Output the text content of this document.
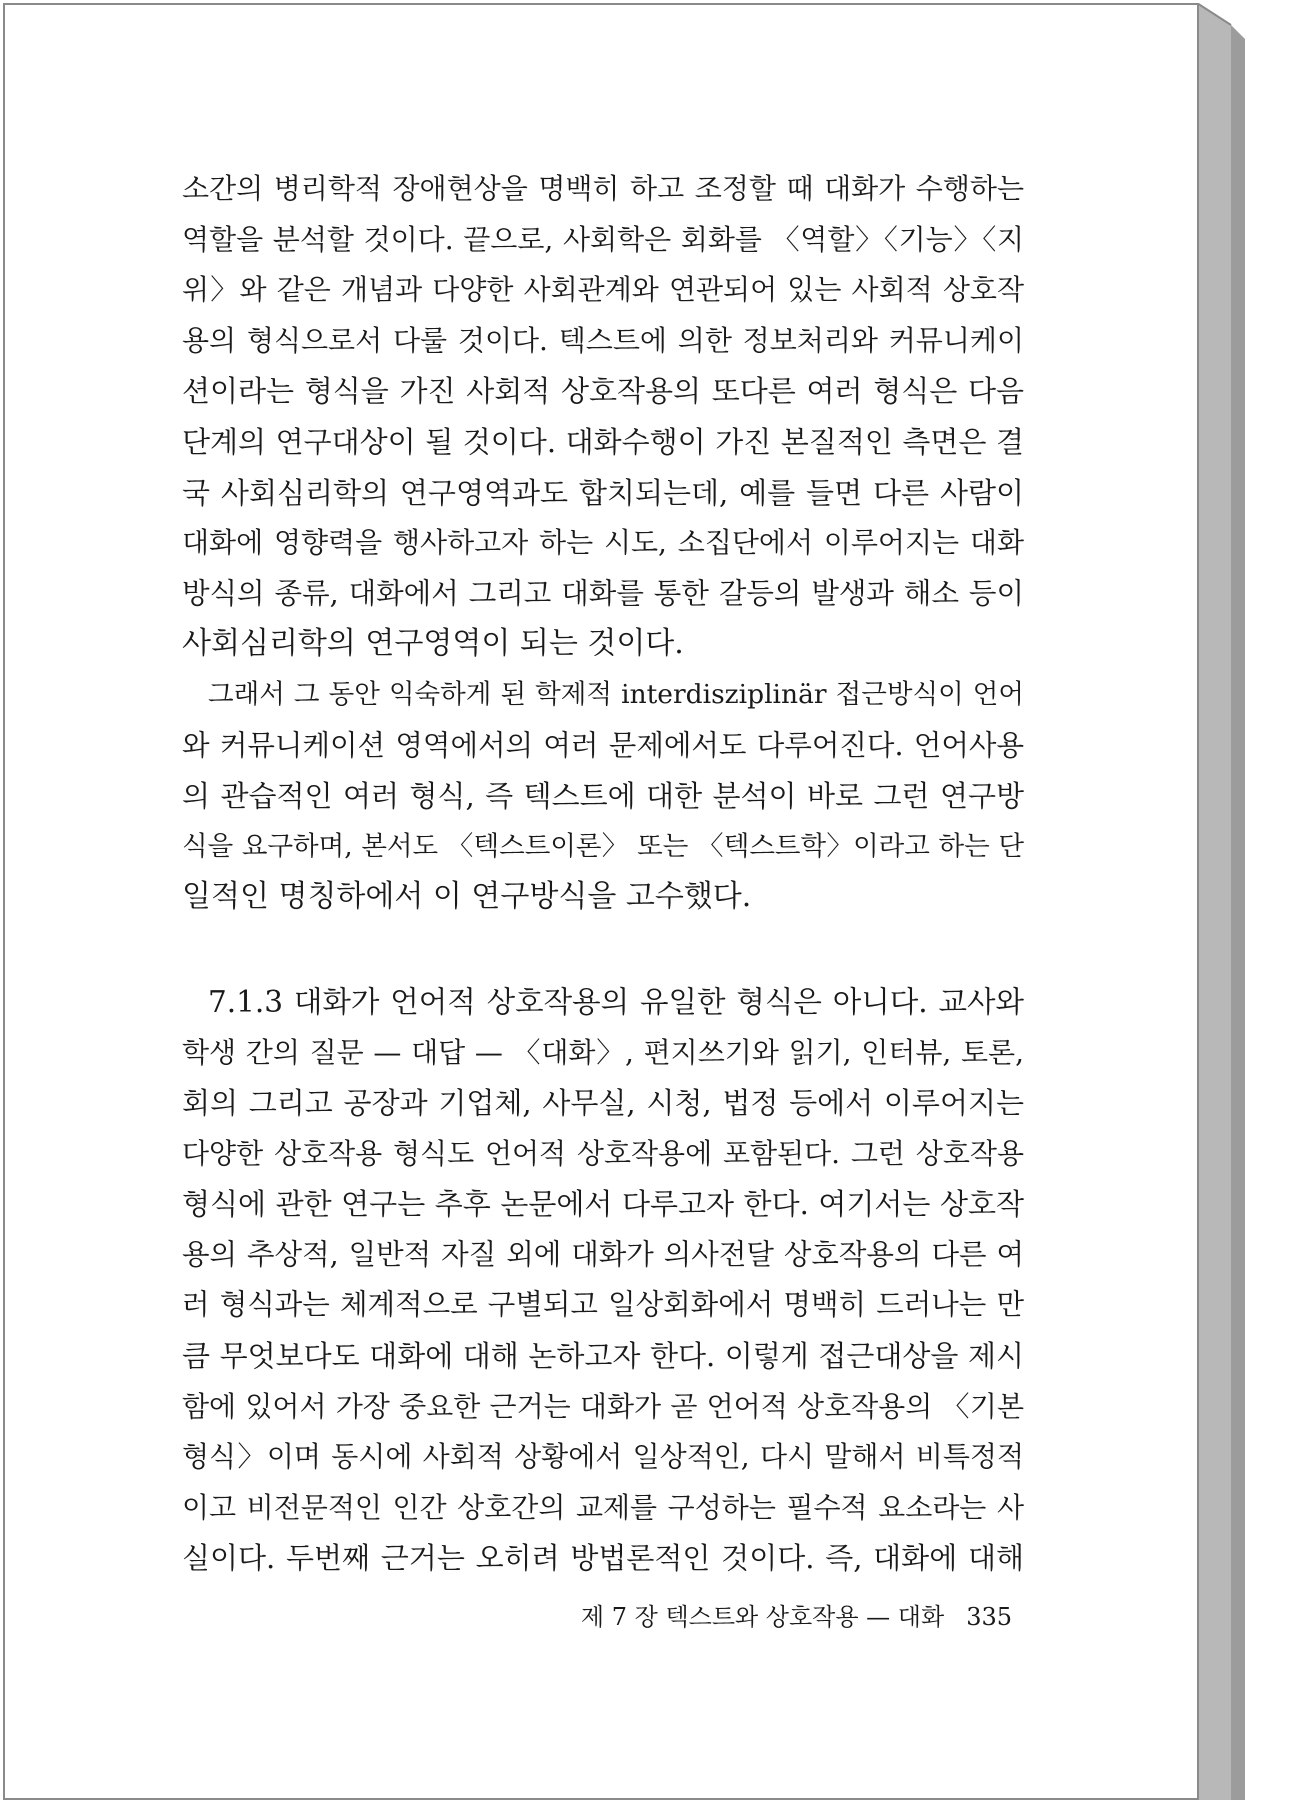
소간의 병리학적 장애현상을 명백히 하고 조정할 때 대화가 수행하는
역할을 분석할 것이다. 끝으로, 사회학은 회화를 〈역할〉〈기능〉〈지
위〉와 같은 개념과 다양한 사회관계와 연관되어 있는 사회적 상호작
용의 형식으로서 다룰 것이다. 텍스트에 의한 정보처리와 커뮤니케이
션이라는 형식을 가진 사회적 상호작용의 또다른 여러 형식은 다음
단계의 연구대상이 될 것이다. 대화수행이 가진 본질적인 측면은 결
국 사회심리학의 연구영역과도 합치되는데, 예를 들면 다른 사람이
대화에 영향력을 행사하고자 하는 시도, 소집단에서 이루어지는 대화
방식의 종류, 대화에서 그리고 대화를 통한 갈등의 발생과 해소 등이
사회심리학의 연구영역이 되는 것이다.
그래서 그 동안 익숙하게 된 학제적 interdisziplinär 접근방식이 언어
와 커뮤니케이션 영역에서의 여러 문제에서도 다루어진다. 언어사용
의 관습적인 여러 형식, 즉 텍스트에 대한 분석이 바로 그런 연구방
식을 요구하며, 본서도 〈텍스트이론〉 또는 〈텍스트학〉이라고 하는 단
일적인 명칭하에서 이 연구방식을 고수했다.
7.1.3 대화가 언어적 상호작용의 유일한 형식은 아니다. 교사와
학생 간의 질문 — 대답 — 〈대화〉, 편지쓰기와 읽기, 인터뷰, 토론,
회의 그리고 공장과 기업체, 사무실, 시청, 법정 등에서 이루어지는
다양한 상호작용 형식도 언어적 상호작용에 포함된다. 그런 상호작용
형식에 관한 연구는 추후 논문에서 다루고자 한다. 여기서는 상호작
용의 추상적, 일반적 자질 외에 대화가 의사전달 상호작용의 다른 여
러 형식과는 체계적으로 구별되고 일상회화에서 명백히 드러나는 만
큼 무엇보다도 대화에 대해 논하고자 한다. 이렇게 접근대상을 제시
함에 있어서 가장 중요한 근거는 대화가 곧 언어적 상호작용의 〈기본
형식〉이며 동시에 사회적 상황에서 일상적인, 다시 말해서 비특정적
이고 비전문적인 인간 상호간의 교제를 구성하는 필수적 요소라는 사
실이다. 두번째 근거는 오히려 방법론적인 것이다. 즉, 대화에 대해
제 7 장 텍스트와 상호작용 — 대화 335
